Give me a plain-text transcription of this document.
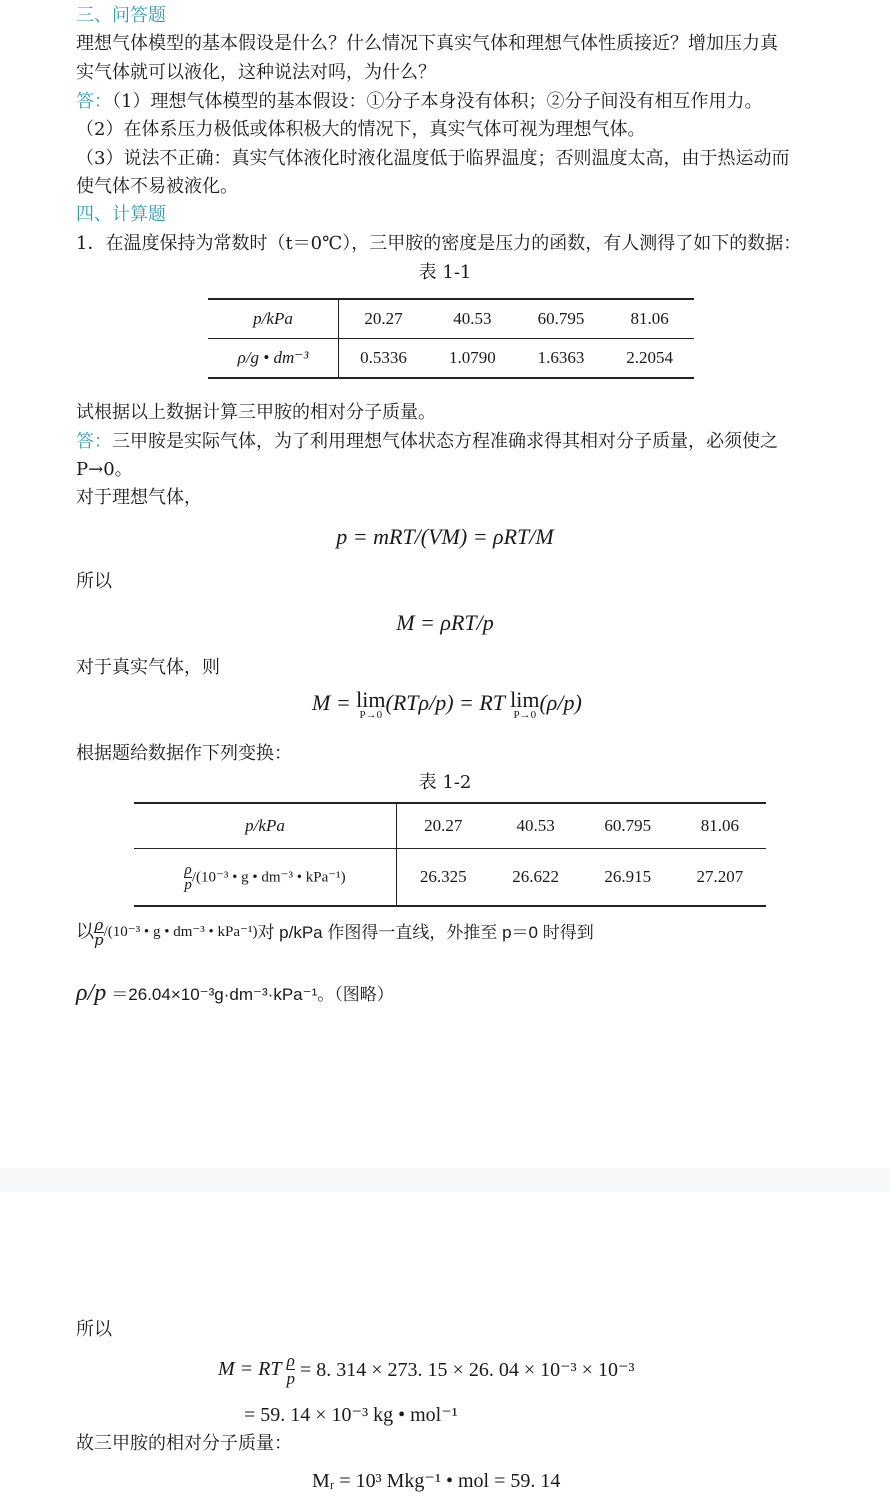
三、问答题
理想气体模型的基本假设是什么？什么情况下真实气体和理想气体性质接近？增加压力真
实气体就可以液化，这种说法对吗，为什么？
答：（1）理想气体模型的基本假设：①分子本身没有体积；②分子间没有相互作用力。
（2）在体系压力极低或体积极大的情况下，真实气体可视为理想气体。
（3）说法不正确：真实气体液化时液化温度低于临界温度；否则温度太高，由于热运动而
使气体不易被液化。
四、计算题
1．在温度保持为常数时（t＝0℃），三甲胺的密度是压力的函数，有人测得了如下的数据：
表 1-1
p/kPa	20.27	40.53	60.795	81.06
ρ/g • dm⁻³	0.5336	1.0790	1.6363	2.2054
试根据以上数据计算三甲胺的相对分子质量。
答：三甲胺是实际气体，为了利用理想气体状态方程准确求得其相对分子质量，必须使之
P→0。
对于理想气体，
p = mRT/(VM) = ρRT/M
所以
M = ρRT/p
对于真实气体，则
M = lim
P→0 (RTρ/p) = RT lim
P→0 (ρ/p)
根据题给数据作下列变换：
表 1-2
p/kPa	20.27	40.53	60.795	81.06

$\frac{\rho}{p} /(10^{-3}$ • g • dm⁻³ • kPa⁻¹)	26.325	26.622	26.915	27.207
以 $\frac{\rho}{p} ^{/(10^{-3} • g • dm^{-3} • kPa^{-1})}$对 p/kPa 作图得一直线，外推至 p＝0 时得到
ρ/p ＝26.04×10⁻³g·dm⁻³·kPa⁻¹。（图略）
所以
M = RT $\frac{\rho}{p} = 8$. 314 × 273. 15 × 26. 04 × 10⁻³ × 10⁻³
= 59. 14 × 10⁻³ kg • mol⁻¹
故三甲胺的相对分子质量：
Mᵣ = 10³ Mkg⁻¹ • mol = 59. 14
